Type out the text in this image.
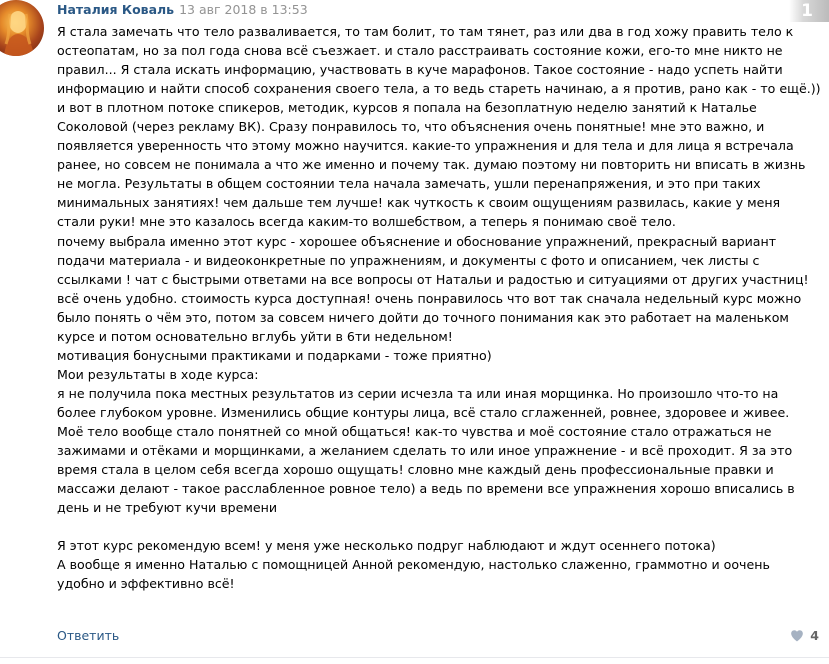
Наталия Коваль 13 авг 2018 в 13:53	1 2

Я стала замечать что тело разваливается, то там болит, то там тянет, раз или два в год хожу править тело к

остеопатам, но за пол года снова всё съезжает. и стало расстраивать состояние кожи, его-то мне никто не

правил... Я стала искать информацию, участвовать в куче марафонов. Такое состояние - надо успеть найти

информацию и найти способ сохранения своего тела, а то ведь стареть начинаю, а я против, рано как - то ещё.))

и вот в плотном потоке спикеров, методик, курсов я попала на безоплатную неделю занятий к Наталье

Соколовой (через рекламу ВК). Сразу понравилось то, что объяснения очень понятные! мне это важно, и

появляется уверенность что этому можно научится. какие-то упражнения и для тела и для лица я встречала

ранее, но совсем не понимала а что же именно и почему так. думаю поэтому ни повторить ни вписать в жизнь

не могла. Результаты в общем состоянии тела начала замечать, ушли перенапряжения, и это при таких

минимальных занятиях! чем дальше тем лучше! как чуткость к своим ощущениям развилась, какие у меня

стали руки! мне это казалось всегда каким-то волшебством, а теперь я понимаю своё тело.

почему выбрала именно этот курс - хорошее объяснение и обоснование упражнений, прекрасный вариант

подачи материала - и видеоконкретные по упражнениям, и документы с фото и описанием, чек листы с

ссылками ! чат с быстрыми ответами на все вопросы от Натальи и радостью и ситуациями от других участниц!

всё очень удобно. стоимость курса доступная! очень понравилось что вот так сначала недельный курс можно

было понять о чём это, потом за совсем ничего дойти до точного понимания как это работает на маленьком

курсе и потом основательно вглубь уйти в 6ти недельном!

мотивация бонусными практиками и подарками - тоже приятно)

Мои результаты в ходе курса:

я не получила пока местных результатов из серии исчезла та или иная морщинка. Но произошло что-то на

более глубоком уровне. Изменились общие контуры лица, всё стало сглаженней, ровнее, здоровее и живее.

Моё тело вообще стало понятней со мной общаться! как-то чувства и моё состояние стало отражаться не

зажимами и отёками и морщинками, а желанием сделать то или иное упражнение - и всё проходит. Я за это

время стала в целом себя всегда хорошо ощущать! словно мне каждый день профессиональные правки и

массажи делают - такое расслабленное ровное тело) а ведь по времени все упражнения хорошо вписались в

день и не требуют кучи времени

Я этот курс рекомендую всем! у меня уже несколько подруг наблюдают и ждут осеннего потока)

А вообще я именно Наталью с помощницей Анной рекомендую, настолько слаженно, граммотно и оочень

удобно и эффективно всё!

Ответить	4
